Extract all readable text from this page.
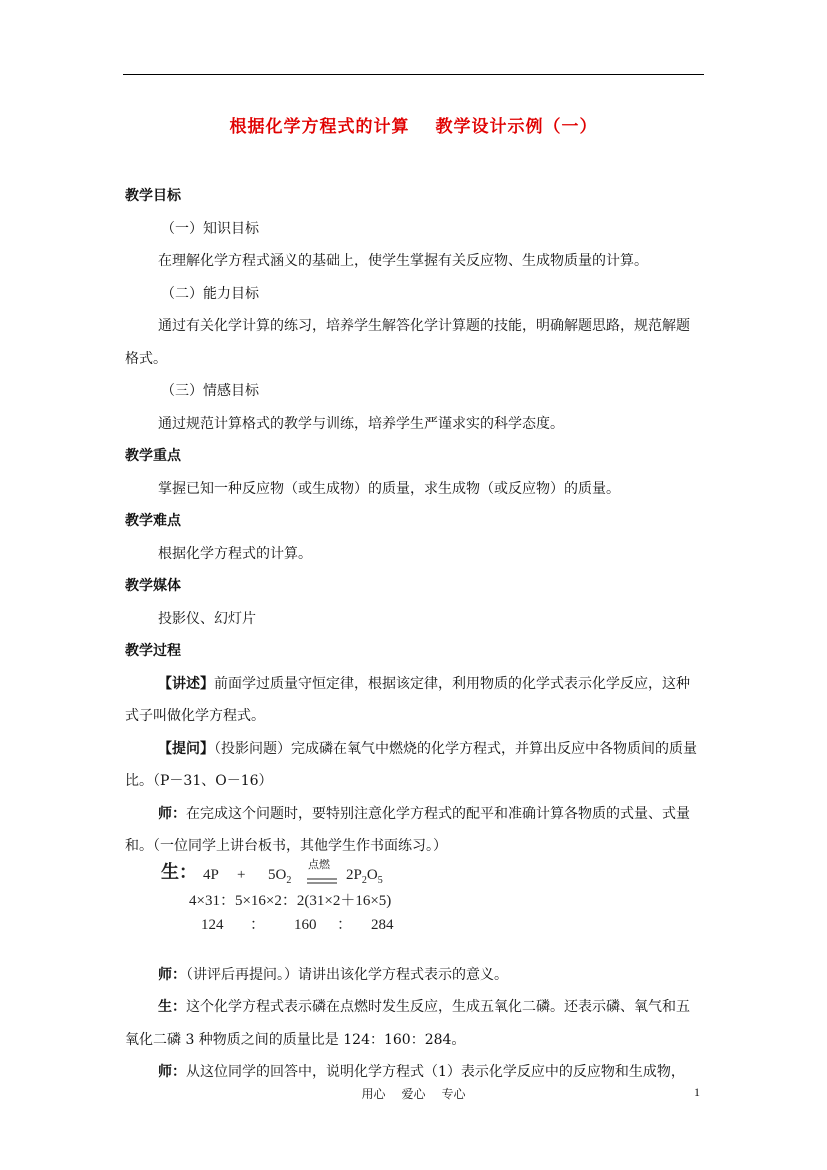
根据化学方程式的计算 教学设计示例（一）
教学目标
（一）知识目标

在理解化学方程式涵义的基础上，使学生掌握有关反应物、生成物质量的计算。

（二）能力目标

通过有关化学计算的练习，培养学生解答化学计算题的技能，明确解题思路，规范解题格式。

（三）情感目标

通过规范计算格式的教学与训练，培养学生严谨求实的科学态度。

教学重点

掌握已知一种反应物（或生成物）的质量，求生成物（或反应物）的质量。

教学难点

根据化学方程式的计算。

教学媒体

投影仪、幻灯片

教学过程

【讲述】前面学过质量守恒定律，根据该定律，利用物质的化学式表示化学反应，这种式子叫做化学方程式。

【提问】（投影问题）完成磷在氧气中燃烧的化学方程式，并算出反应中各物质间的质量比。（P－31、O－16）

师：在完成这个问题时，要特别注意化学方程式的配平和准确计算各物质的式量、式量和。（一位同学上讲台板书，其他学生作书面练习。）

生： $4P + 5O_2$
点燃
$2P_2O_5$
4×31：5×16×2：2(31×2＋16×5)
124 ： 160 ： 284

师：（讲评后再提问。）请讲出该化学方程式表示的意义。

生：这个化学方程式表示磷在点燃时发生反应，生成五氧化二磷。还表示磷、氧气和五氧化二磷 3 种物质之间的质量比是 124：160：284。

师：从这位同学的回答中，说明化学方程式（1）表示化学反应中的反应物和生成物，

用心 爱心 专心	1
